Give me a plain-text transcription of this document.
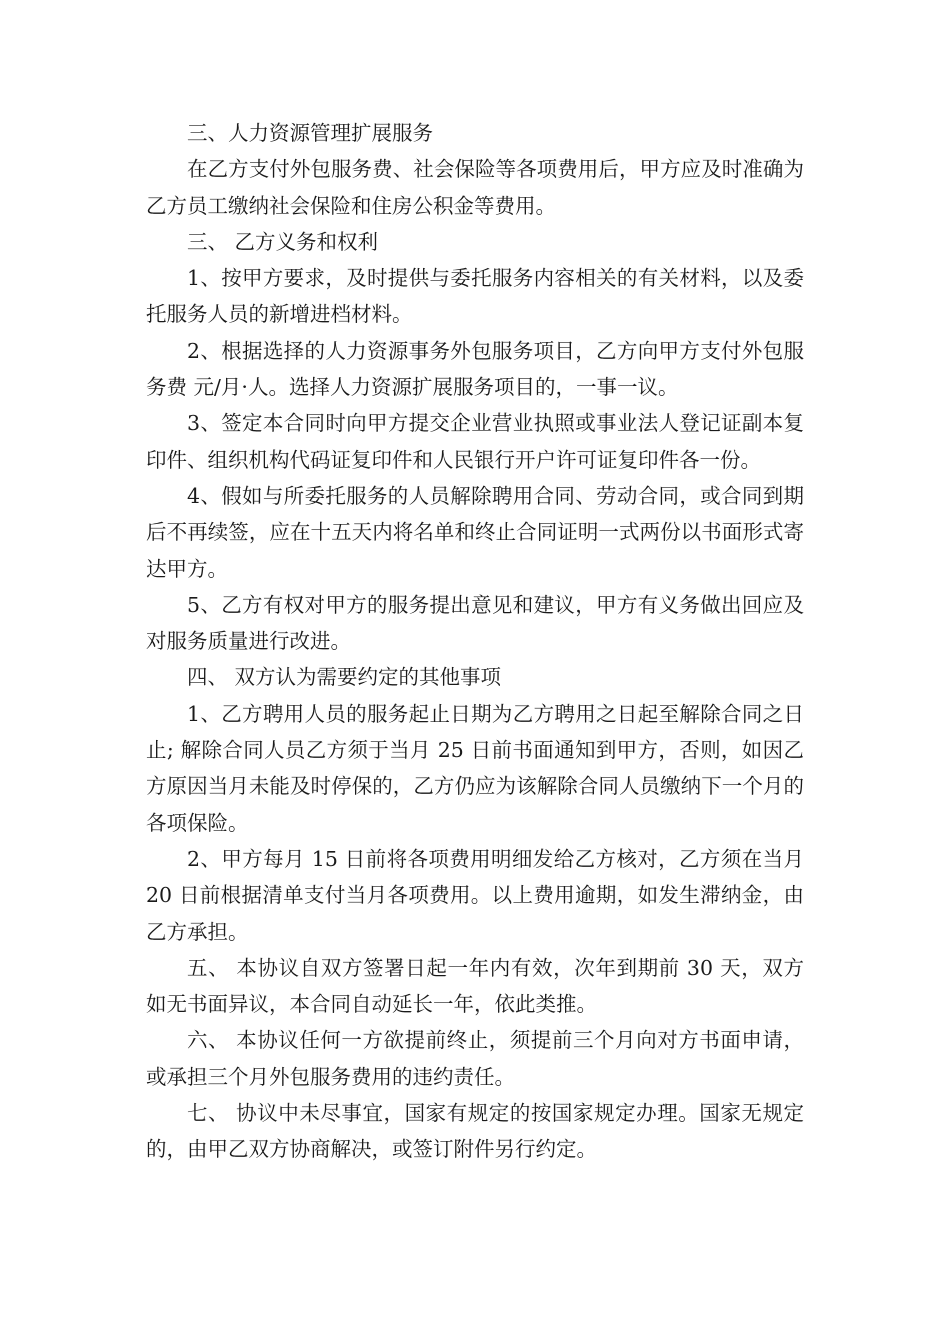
三、人力资源管理扩展服务

在乙方支付外包服务费、社会保险等各项费用后，甲方应及时准确为乙方员工缴纳社会保险和住房公积金等费用。

三、 乙方义务和权利

1、按甲方要求，及时提供与委托服务内容相关的有关材料，以及委托服务人员的新增进档材料。

2、根据选择的人力资源事务外包服务项目，乙方向甲方支付外包服务费 元/月·人。选择人力资源扩展服务项目的，一事一议。

3、签定本合同时向甲方提交企业营业执照或事业法人登记证副本复印件、组织机构代码证复印件和人民银行开户许可证复印件各一份。

4、假如与所委托服务的人员解除聘用合同、劳动合同，或合同到期后不再续签，应在十五天内将名单和终止合同证明一式两份以书面形式寄达甲方。

5、乙方有权对甲方的服务提出意见和建议，甲方有义务做出回应及对服务质量进行改进。

四、 双方认为需要约定的其他事项

1、乙方聘用人员的服务起止日期为乙方聘用之日起至解除合同之日止; 解除合同人员乙方须于当月 25 日前书面通知到甲方，否则，如因乙方原因当月未能及时停保的，乙方仍应为该解除合同人员缴纳下一个月的各项保险。

2、甲方每月 15 日前将各项费用明细发给乙方核对，乙方须在当月 20 日前根据清单支付当月各项费用。以上费用逾期，如发生滞纳金，由乙方承担。

五、 本协议自双方签署日起一年内有效，次年到期前 30 天，双方如无书面异议，本合同自动延长一年，依此类推。

六、 本协议任何一方欲提前终止，须提前三个月向对方书面申请，或承担三个月外包服务费用的违约责任。

七、 协议中未尽事宜，国家有规定的按国家规定办理。国家无规定的，由甲乙双方协商解决，或签订附件另行约定。
